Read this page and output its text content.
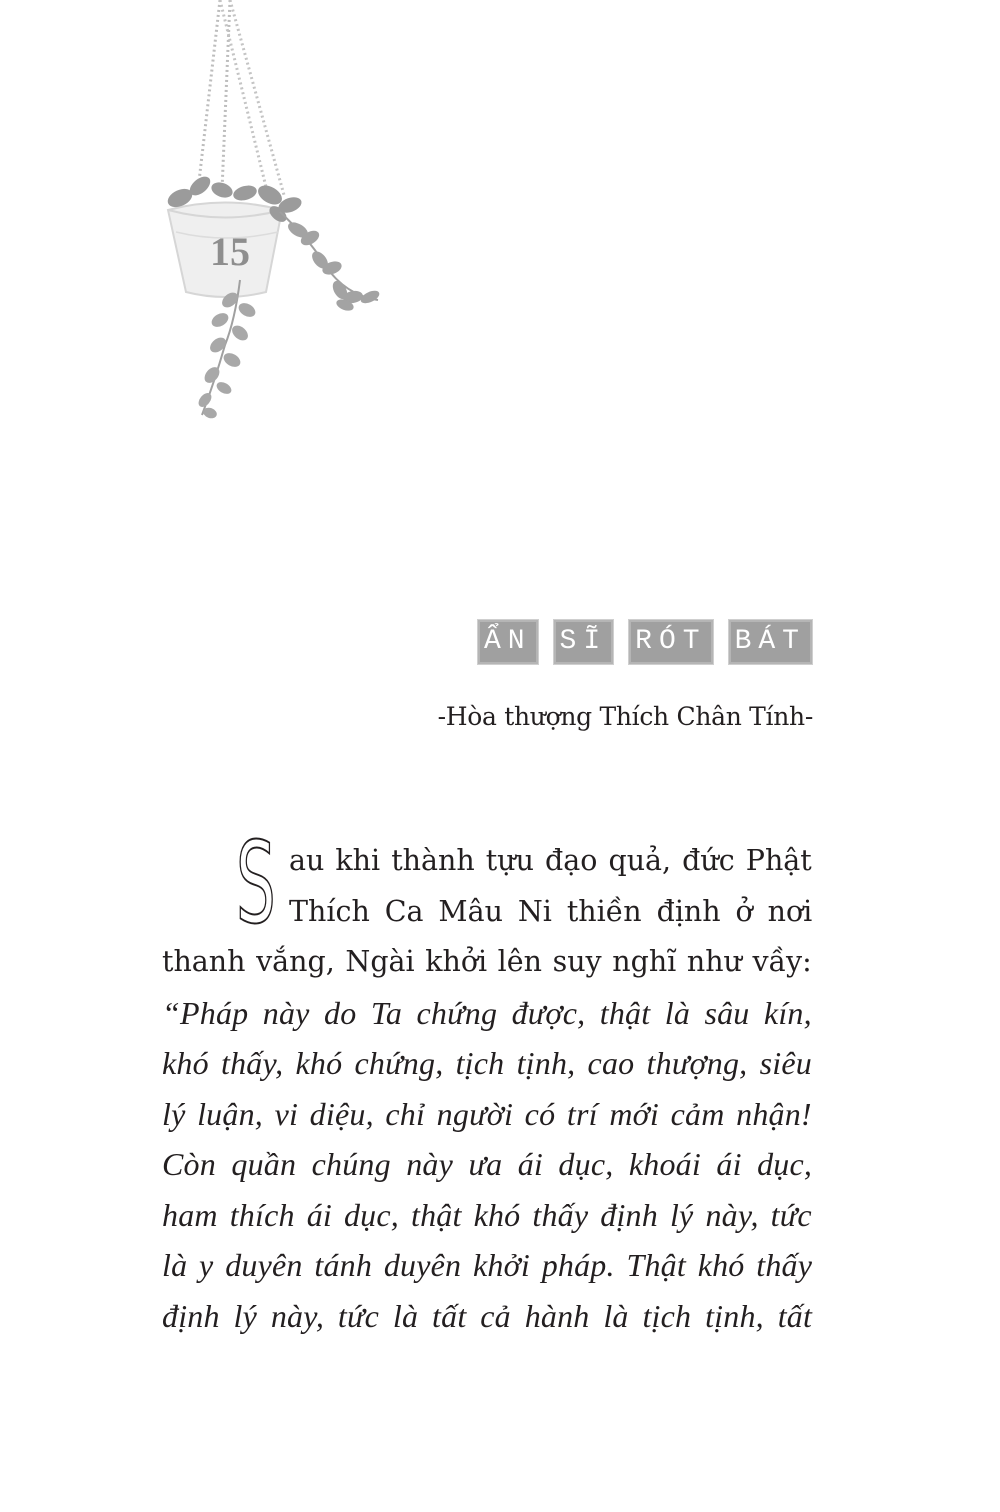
15
ẨN SĨ RÓT BÁT
-Hòa thượng Thích Chân Tính-
S au khi thành tựu đạo quả, đức Phật
Thích Ca Mâu Ni thiền định ở nơi
thanh vắng, Ngài khởi lên suy nghĩ như vầy:
“Pháp này do Ta chứng được, thật là sâu kín,
khó thấy, khó chứng, tịch tịnh, cao thượng, siêu
lý luận, vi diệu, chỉ người có trí mới cảm nhận!
Còn quần chúng này ưa ái dục, khoái ái dục,
ham thích ái dục, thật khó thấy định lý này, tức
là y duyên tánh duyên khởi pháp. Thật khó thấy
định lý này, tức là tất cả hành là tịch tịnh, tất
